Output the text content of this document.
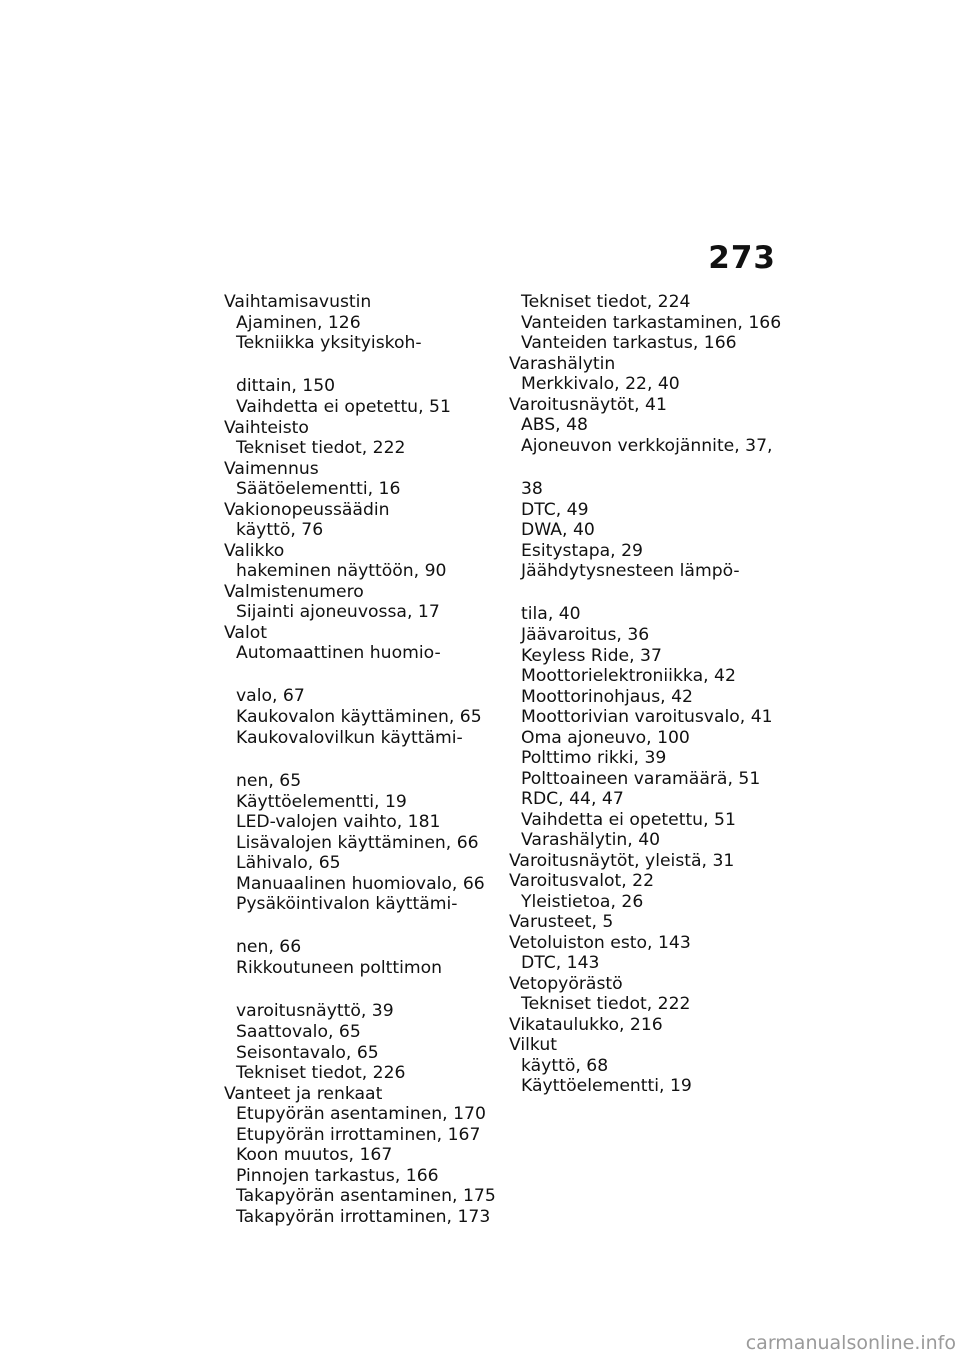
273
Vaihtamisavustin
Ajaminen, 126
Tekniikka yksityiskoh-
dittain, 150
Vaihdetta ei opetettu, 51
Vaihteisto
Tekniset tiedot, 222
Vaimennus
Säätöelementti, 16
Vakionopeussäädin
käyttö, 76
Valikko
hakeminen näyttöön, 90
Valmistenumero
Sijainti ajoneuvossa, 17
Valot
Automaattinen huomio-
valo, 67
Kaukovalon käyttäminen, 65
Kaukovalovilkun käyttämi-
nen, 65
Käyttöelementti, 19
LED-valojen vaihto, 181
Lisävalojen käyttäminen, 66
Lähivalo, 65
Manuaalinen huomiovalo, 66
Pysäköintivalon käyttämi-
nen, 66
Rikkoutuneen polttimon
varoitusnäyttö, 39
Saattovalo, 65
Seisontavalo, 65
Tekniset tiedot, 226
Vanteet ja renkaat
Etupyörän asentaminen, 170
Etupyörän irrottaminen, 167
Koon muutos, 167
Pinnojen tarkastus, 166
Takapyörän asentaminen, 175
Takapyörän irrottaminen, 173
Tekniset tiedot, 224
Vanteiden tarkastaminen, 166
Vanteiden tarkastus, 166
Varashälytin
Merkkivalo, 22, 40
Varoitusnäytöt, 41
ABS, 48
Ajoneuvon verkkojännite, 37,
38
DTC, 49
DWA, 40
Esitystapa, 29
Jäähdytysnesteen lämpö-
tila, 40
Jäävaroitus, 36
Keyless Ride, 37
Moottorielektroniikka, 42
Moottorinohjaus, 42
Moottorivian varoitusvalo, 41
Oma ajoneuvo, 100
Polttimo rikki, 39
Polttoaineen varamäärä, 51
RDC, 44, 47
Vaihdetta ei opetettu, 51
Varashälytin, 40
Varoitusnäytöt, yleistä, 31
Varoitusvalot, 22
Yleistietoa, 26
Varusteet, 5
Vetoluiston esto, 143
DTC, 143
Vetopyörästö
Tekniset tiedot, 222
Vikataulukko, 216
Vilkut
käyttö, 68
Käyttöelementti, 19
carmanualsonline.info
